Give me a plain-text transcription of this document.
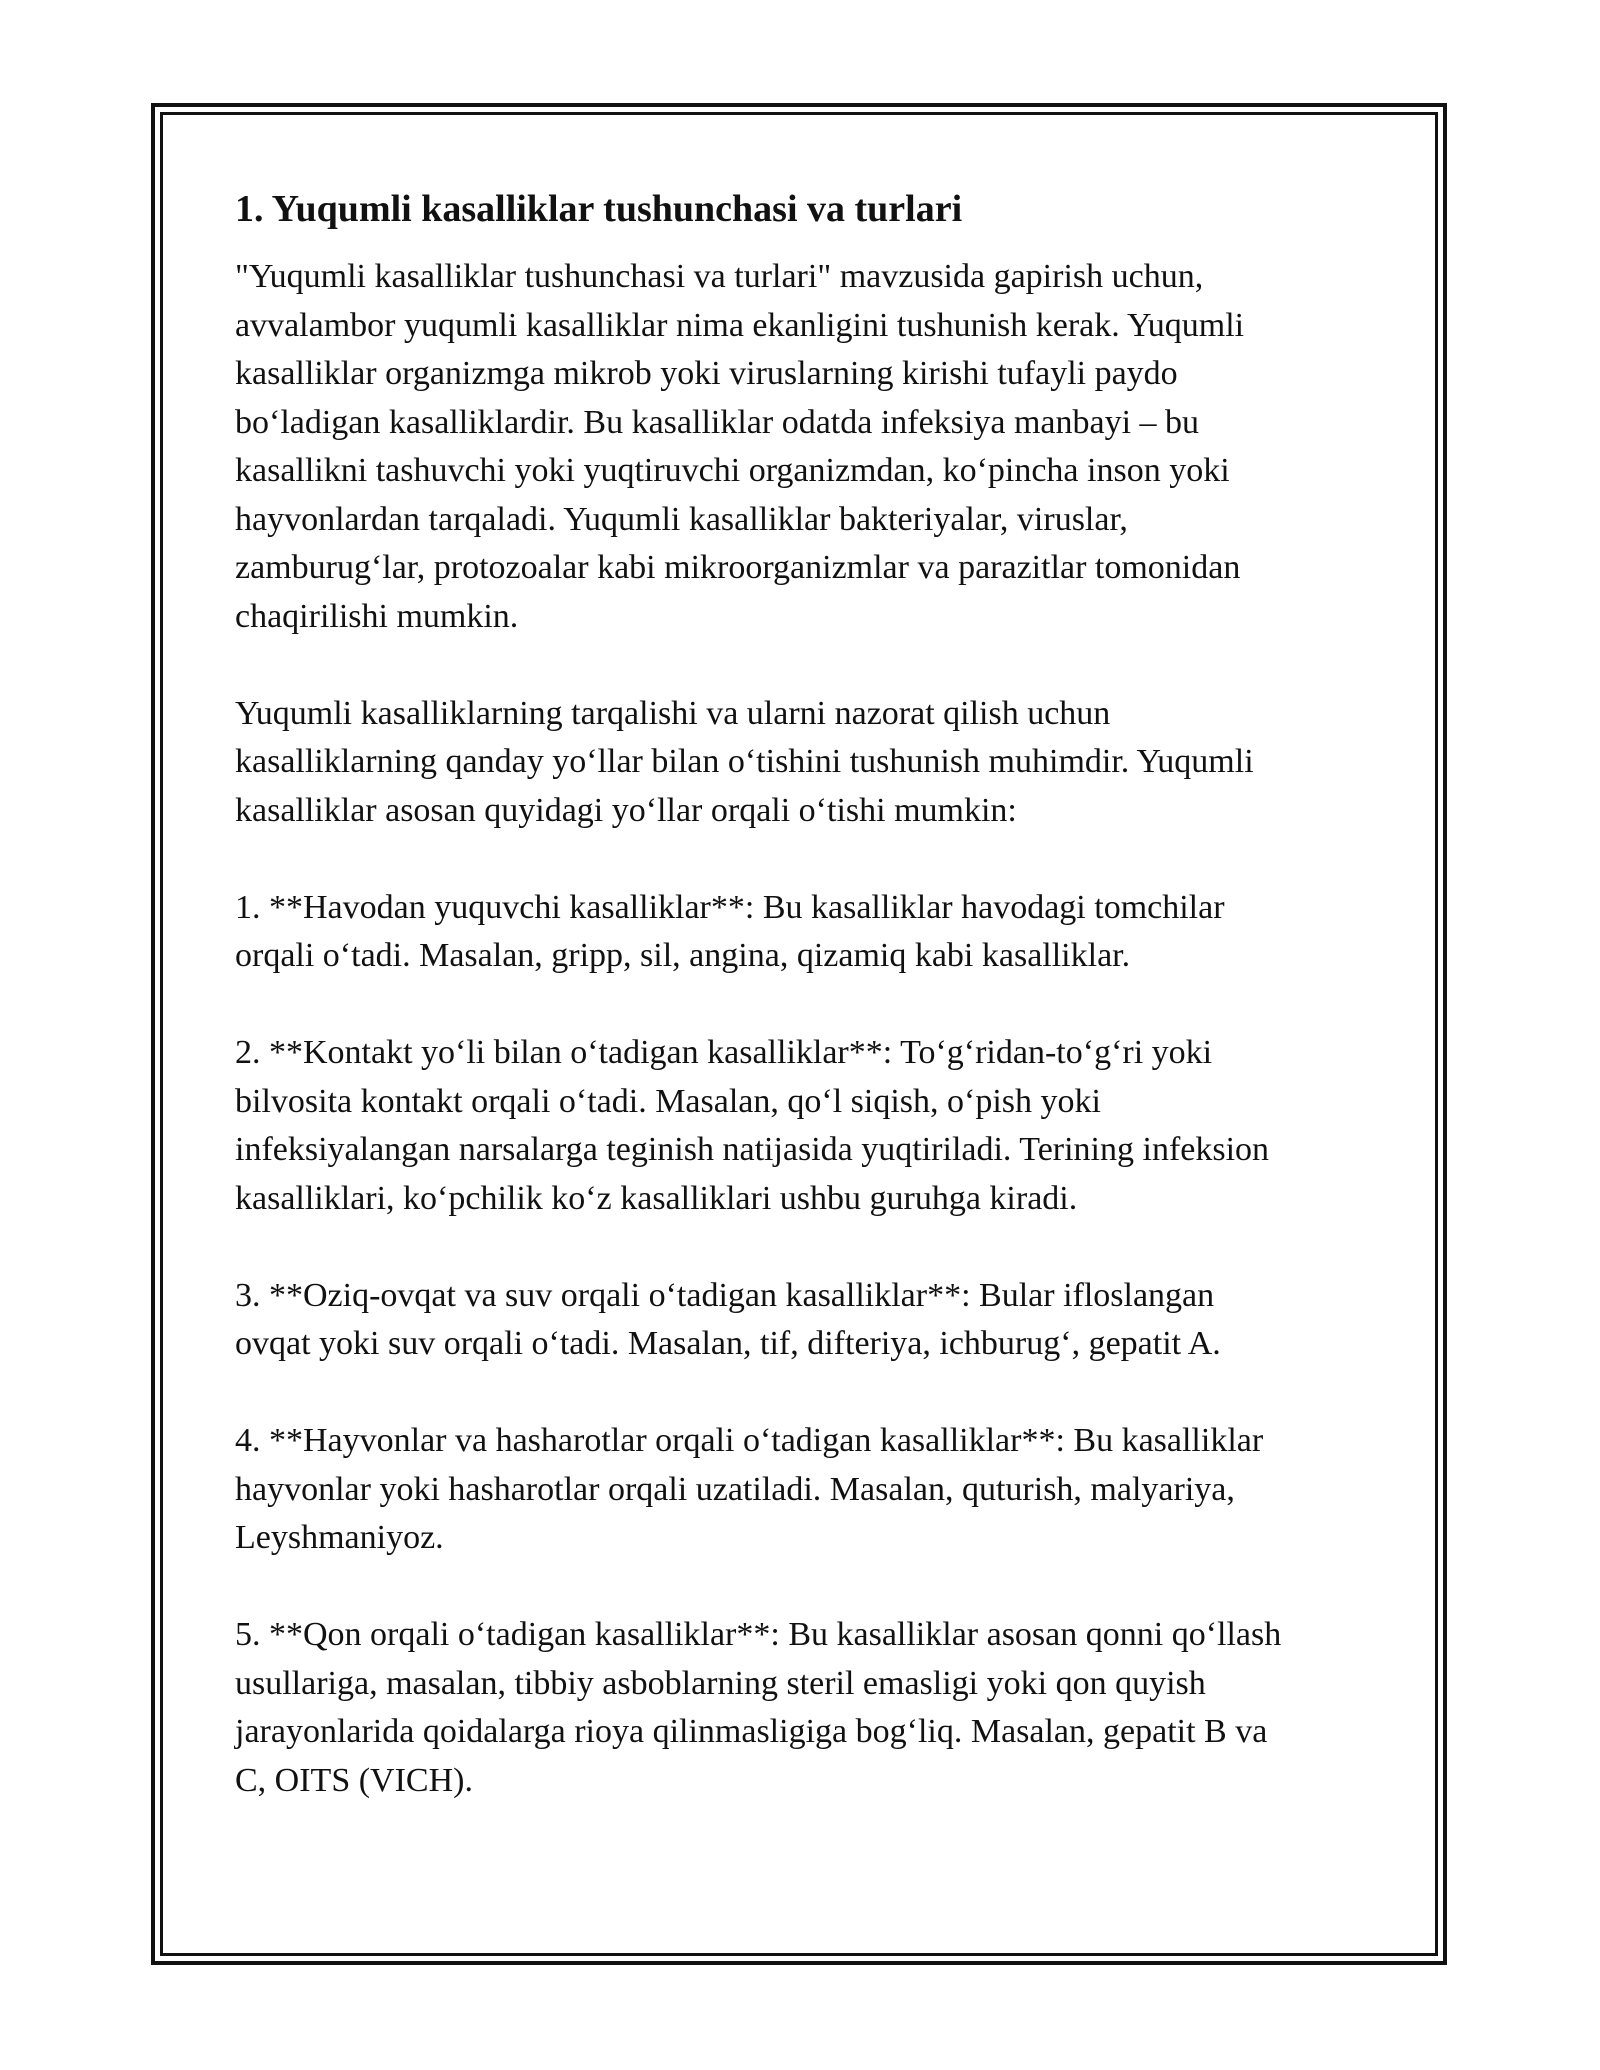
1. Yuqumli kasalliklar tushunchasi va turlari

"Yuqumli kasalliklar tushunchasi va turlari" mavzusida gapirish uchun,
avvalambor yuqumli kasalliklar nima ekanligini tushunish kerak. Yuqumli
kasalliklar organizmga mikrob yoki viruslarning kirishi tufayli paydo
bo‘ladigan kasalliklardir. Bu kasalliklar odatda infeksiya manbayi – bu
kasallikni tashuvchi yoki yuqtiruvchi organizmdan, ko‘pincha inson yoki
hayvonlardan tarqaladi. Yuqumli kasalliklar bakteriyalar, viruslar,
zamburug‘lar, protozoalar kabi mikroorganizmlar va parazitlar tomonidan
chaqirilishi mumkin.

Yuqumli kasalliklarning tarqalishi va ularni nazorat qilish uchun
kasalliklarning qanday yo‘llar bilan o‘tishini tushunish muhimdir. Yuqumli
kasalliklar asosan quyidagi yo‘llar orqali o‘tishi mumkin:

1. **Havodan yuquvchi kasalliklar**: Bu kasalliklar havodagi tomchilar
orqali o‘tadi. Masalan, gripp, sil, angina, qizamiq kabi kasalliklar.

2. **Kontakt yo‘li bilan o‘tadigan kasalliklar**: To‘g‘ridan-to‘g‘ri yoki
bilvosita kontakt orqali o‘tadi. Masalan, qo‘l siqish, o‘pish yoki
infeksiyalangan narsalarga teginish natijasida yuqtiriladi. Terining infeksion
kasalliklari, ko‘pchilik ko‘z kasalliklari ushbu guruhga kiradi.

3. **Oziq-ovqat va suv orqali o‘tadigan kasalliklar**: Bular ifloslangan
ovqat yoki suv orqali o‘tadi. Masalan, tif, difteriya, ichburug‘, gepatit A.

4. **Hayvonlar va hasharotlar orqali o‘tadigan kasalliklar**: Bu kasalliklar
hayvonlar yoki hasharotlar orqali uzatiladi. Masalan, quturish, malyariya,
Leyshmaniyoz.

5. **Qon orqali o‘tadigan kasalliklar**: Bu kasalliklar asosan qonni qo‘llash
usullariga, masalan, tibbiy asboblarning steril emasligi yoki qon quyish
jarayonlarida qoidalarga rioya qilinmasligiga bog‘liq. Masalan, gepatit B va
C, OITS (VICH).
